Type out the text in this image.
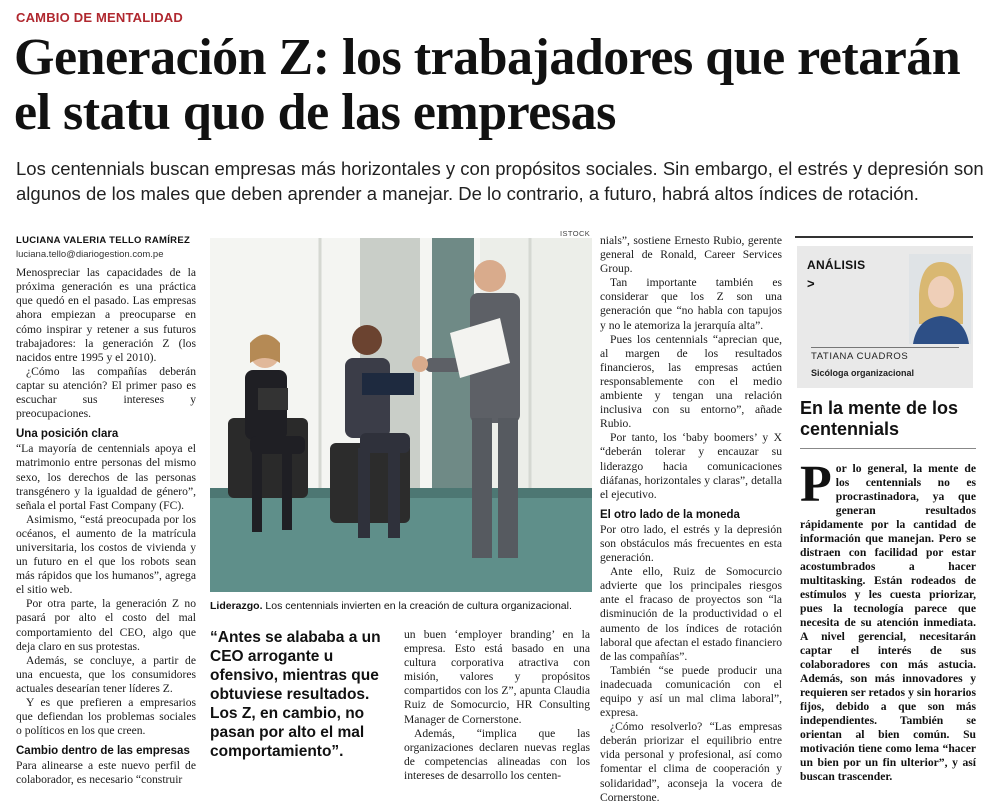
CAMBIO DE MENTALIDAD
Generación Z: los trabajadores que retarán el statu quo de las empresas
Los centennials buscan empresas más horizontales y con propósitos sociales. Sin embargo, el estrés y depresión son algunos de los males que deben aprender a manejar. De lo contrario, a futuro, habrá altos índices de rotación.
LUCIANA VALERIA TELLO RAMÍREZ
luciana.tello@diariogestion.com.pe

Menospreciar las capacidades de la próxima generación es una práctica que quedó en el pasado. Las empresas ahora empiezan a preocuparse en cómo inspirar y retener a sus futuros trabajadores: la generación Z (los nacidos entre 1995 y el 2010).

¿Cómo las compañías deberán captar su atención? El primer paso es escuchar sus intereses y preocupaciones.

Una posición clara

“La mayoría de centennials apoya el matrimonio entre personas del mismo sexo, los derechos de las personas transgénero y la igualdad de género”, señala el portal Fast Company (FC).

Asimismo, “está preocupada por los océanos, el aumento de la matrícula universitaria, los costos de vivienda y un futuro en el que los robots sean más rápidos que los humanos”, agrega el sitio web.

Por otra parte, la generación Z no pasará por alto el costo del mal comportamiento del CEO, algo que deja claro en sus protestas.

Además, se concluye, a partir de una encuesta, que los consumidores actuales desearían tener líderes Z.

Y es que prefieren a empresarios que defiendan los problemas sociales o políticos en los que creen.

Cambio dentro de las empresas

Para alinearse a este nuevo perfil de colaborador, es necesario “construir

ISTOCK
Liderazgo. Los centennials invierten en la creación de cultura organizacional.
“Antes se alababa a un CEO arrogante u ofensivo, mientras que obtuviese resultados. Los Z, en cambio, no pasan por alto el mal comportamiento”.

un buen ‘employer branding’ en la empresa. Esto está basado en una cultura corporativa atractiva con misión, valores y propósitos compartidos con los Z”, apunta Claudia Ruiz de Somocurcio, HR Consulting Manager de Cornerstone.

Además, “implica que las organizaciones declaren nuevas reglas de competencias alineadas con los intereses de desarrollo los centen-

nials”, sostiene Ernesto Rubio, gerente general de Ronald, Career Services Group.

Tan importante también es considerar que los Z son una generación que “no habla con tapujos y no le atemoriza la jerarquía alta”.

Pues los centennials “aprecian que, al margen de los resultados financieros, las empresas actúen responsablemente con el medio ambiente y tengan una relación inclusiva con su entorno”, añade Rubio.

Por tanto, los ‘baby boomers’ y X “deberán tolerar y encauzar su liderazgo hacia comunicaciones diáfanas, horizontales y claras”, detalla el ejecutivo.

El otro lado de la moneda

Por otro lado, el estrés y la depresión son obstáculos más frecuentes en esta generación.

Ante ello, Ruiz de Somocurcio advierte que los principales riesgos ante el fracaso de proyectos son “la disminución de la productividad o el aumento de los índices de rotación laboral que afectan el estado financiero de las compañías”.

También “se puede producir una inadecuada comunicación con el equipo y así un mal clima laboral”, expresa.

¿Cómo resolverlo? “Las empresas deberán priorizar el equilibrio entre vida personal y profesional, así como fomentar el clima de cooperación y solidaridad”, aconseja la vocera de Cornerstone.

ANÁLISIS
>
TATIANA CUADROS
Sicóloga organizacional
En la mente de los centennials
Por lo general, la mente de los centennials no es procrastinadora, ya que generan resultados rápidamente por la cantidad de información que manejan. Pero se distraen con facilidad por estar acostumbrados a hacer multitasking. Están rodeados de estímulos y les cuesta priorizar, pues la tecnología parece que necesita de su atención inmediata. A nivel gerencial, necesitarán captar el interés de sus colaboradores con más astucia. Además, son más innovadores y requieren ser retados y sin horarios fijos, debido a que son más independientes. También se orientan al bien común. Su motivación tiene como lema “hacer un bien por un fin ulterior”, y así buscan trascender.
